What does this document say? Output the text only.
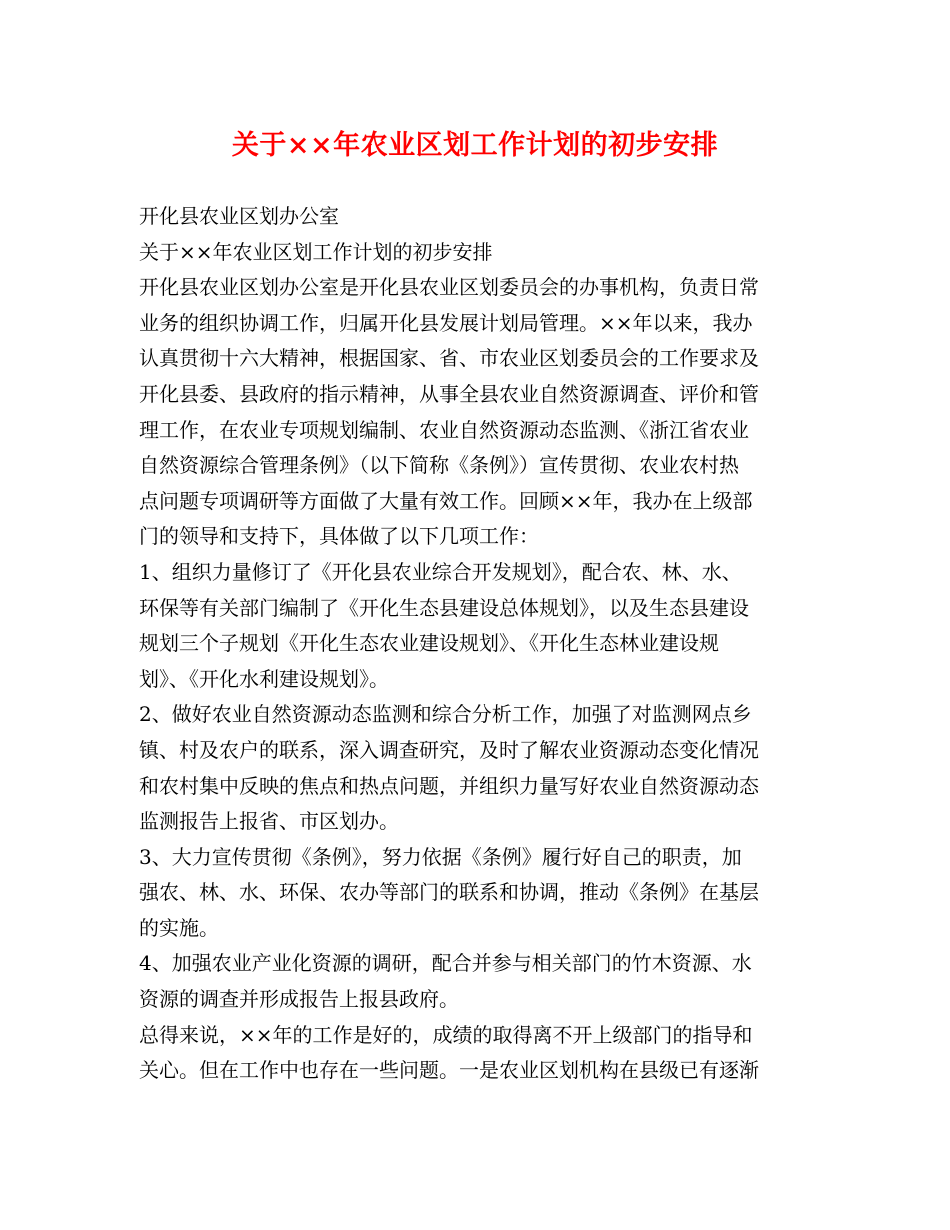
关于××年农业区划工作计划的初步安排
开化县农业区划办公室
关于××年农业区划工作计划的初步安排
开化县农业区划办公室是开化县农业区划委员会的办事机构，负责日常
业务的组织协调工作，归属开化县发展计划局管理。××年以来，我办
认真贯彻十六大精神，根据国家、省、市农业区划委员会的工作要求及
开化县委、县政府的指示精神，从事全县农业自然资源调查、评价和管
理工作，在农业专项规划编制、农业自然资源动态监测、《浙江省农业
自然资源综合管理条例》（以下简称《条例》）宣传贯彻、农业农村热
点问题专项调研等方面做了大量有效工作。回顾××年，我办在上级部
门的领导和支持下，具体做了以下几项工作：
1、组织力量修订了《开化县农业综合开发规划》，配合农、林、水、
环保等有关部门编制了《开化生态县建设总体规划》，以及生态县建设
规划三个子规划《开化生态农业建设规划》、《开化生态林业建设规
划》、《开化水利建设规划》。
2、做好农业自然资源动态监测和综合分析工作，加强了对监测网点乡
镇、村及农户的联系，深入调查研究，及时了解农业资源动态变化情况
和农村集中反映的焦点和热点问题，并组织力量写好农业自然资源动态
监测报告上报省、市区划办。
3、大力宣传贯彻《条例》，努力依据《条例》履行好自己的职责，加
强农、林、水、环保、农办等部门的联系和协调，推动《条例》在基层
的实施。
4、加强农业产业化资源的调研，配合并参与相关部门的竹木资源、水
资源的调查并形成报告上报县政府。
总得来说，××年的工作是好的，成绩的取得离不开上级部门的指导和
关心。但在工作中也存在一些问题。一是农业区划机构在县级已有逐渐
